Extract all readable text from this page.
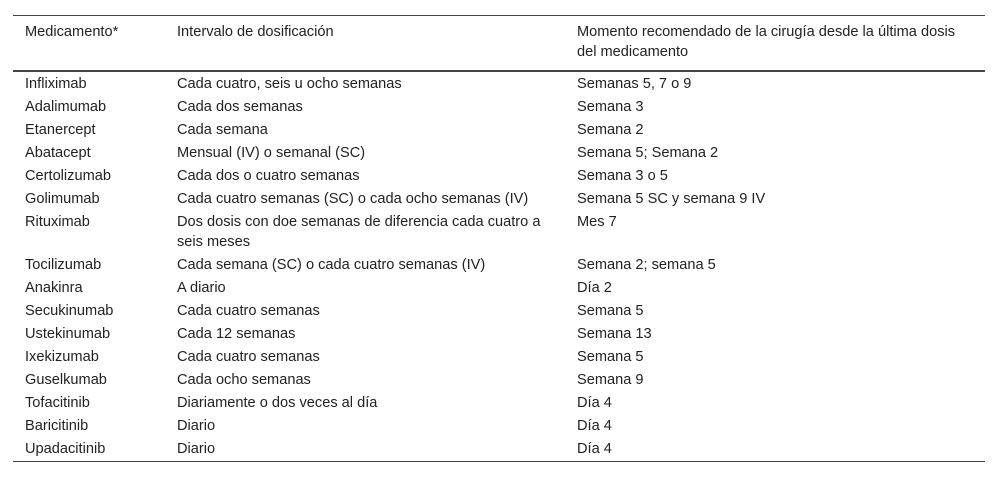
Medicamento*	Intervalo de dosificación	Momento recomendado de la cirugía desde la última dosis del medicamento
Infliximab	Cada cuatro, seis u ocho semanas	Semanas 5, 7 o 9
Adalimumab	Cada dos semanas	Semana 3
Etanercept	Cada semana	Semana 2
Abatacept	Mensual (IV) o semanal (SC)	Semana 5; Semana 2
Certolizumab	Cada dos o cuatro semanas	Semana 3 o 5
Golimumab	Cada cuatro semanas (SC) o cada ocho semanas (IV)	Semana 5 SC y semana 9 IV
Rituximab	Dos dosis con doe semanas de diferencia cada cuatro a seis meses	Mes 7
Tocilizumab	Cada semana (SC) o cada cuatro semanas (IV)	Semana 2; semana 5
Anakinra	A diario	Día 2
Secukinumab	Cada cuatro semanas	Semana 5
Ustekinumab	Cada 12 semanas	Semana 13
Ixekizumab	Cada cuatro semanas	Semana 5
Guselkumab	Cada ocho semanas	Semana 9
Tofacitinib	Diariamente o dos veces al día	Día 4
Baricitinib	Diario	Día 4
Upadacitinib	Diario	Día 4
